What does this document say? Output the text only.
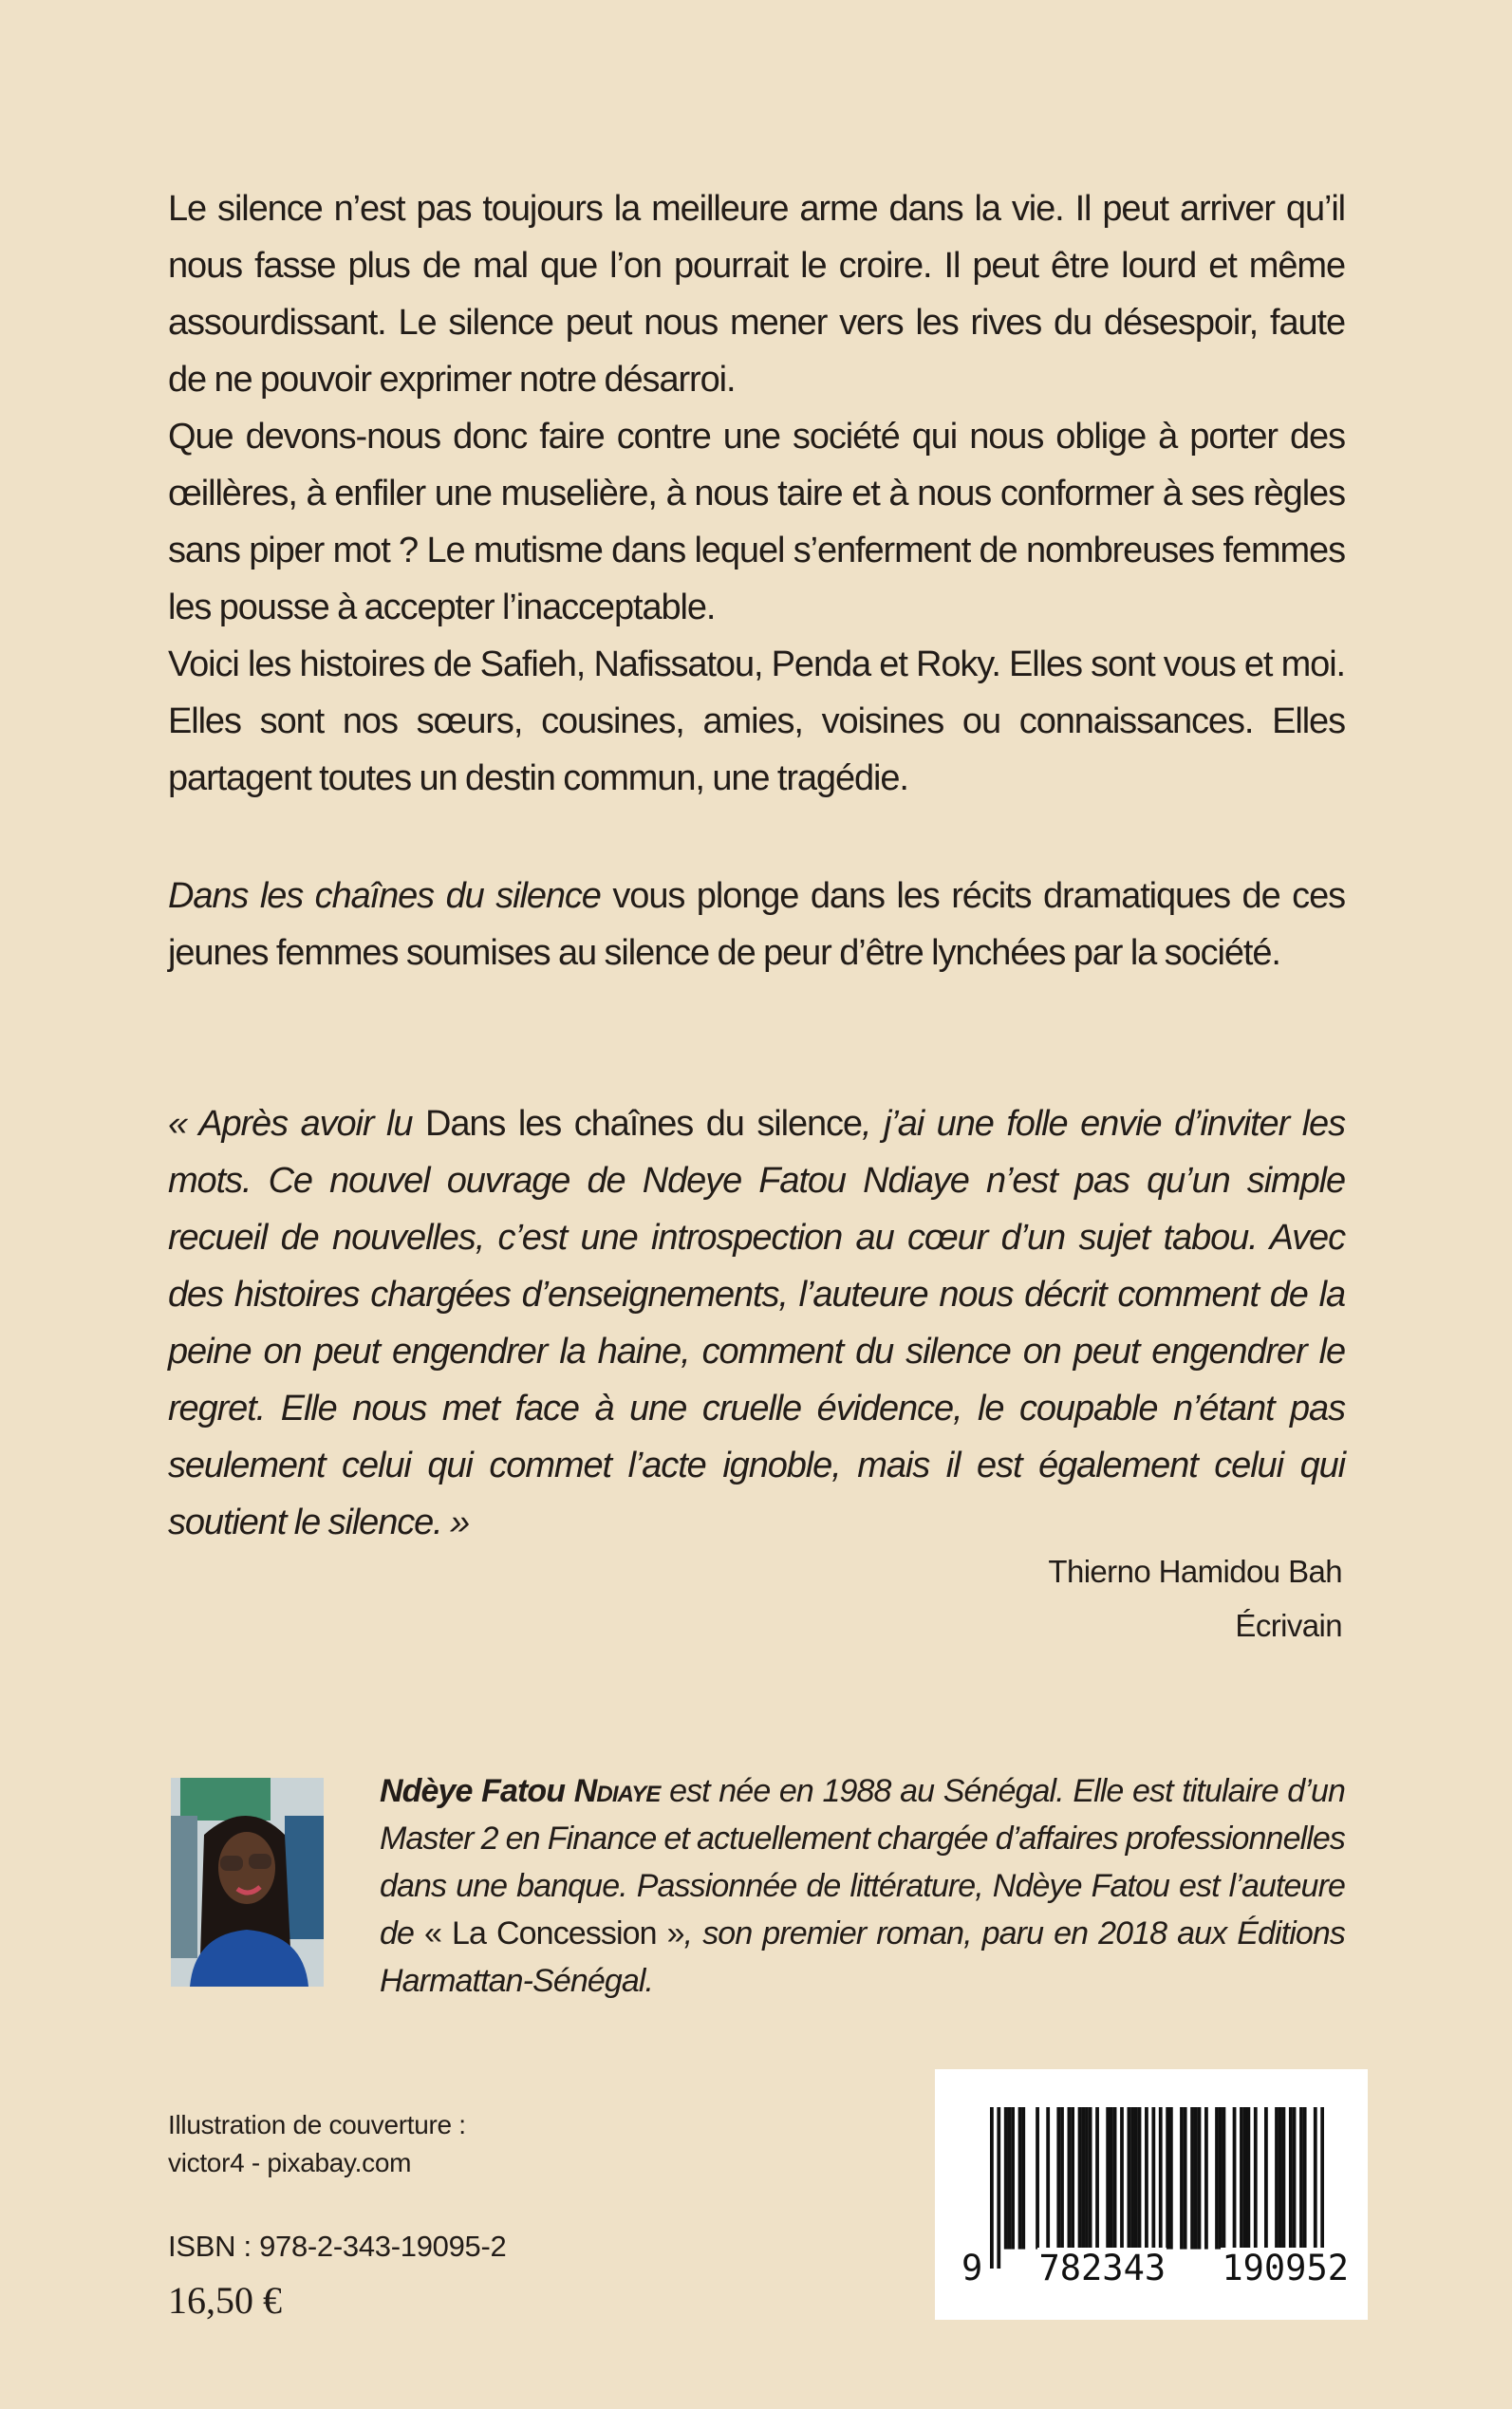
Le silence n’est pas toujours la meilleure arme dans la vie. Il peut arriver qu’il nous fasse plus de mal que l’on pourrait le croire. Il peut être lourd et même assourdissant. Le silence peut nous mener vers les rives du désespoir, faute de ne pouvoir exprimer notre désarroi.

Que devons-nous donc faire contre une société qui nous oblige à porter des œillères, à enfiler une muselière, à nous taire et à nous conformer à ses règles sans piper mot ? Le mutisme dans lequel s’enferment de nombreuses femmes les pousse à accepter l’inacceptable.

Voici les histoires de Safieh, Nafissatou, Penda et Roky. Elles sont vous et moi. Elles sont nos sœurs, cousines, amies, voisines ou connaissances. Elles partagent toutes un destin commun, une tragédie.

Dans les chaînes du silence vous plonge dans les récits dramatiques de ces jeunes femmes soumises au silence de peur d’être lynchées par la société.

« Après avoir lu Dans les chaînes du silence, j’ai une folle envie d’inviter les mots. Ce nouvel ouvrage de Ndeye Fatou Ndiaye n’est pas qu’un simple recueil de nouvelles, c’est une introspection au cœur d’un sujet tabou. Avec des histoires chargées d’enseignements, l’auteure nous décrit comment de la peine on peut engendrer la haine, comment du silence on peut engendrer le regret. Elle nous met face à une cruelle évidence, le coupable n’étant pas seulement celui qui commet l’acte ignoble, mais il est également celui qui soutient le silence. »

Thierno Hamidou Bah
Écrivain
Ndèye Fatou Ndiaye est née en 1988 au Sénégal. Elle est titulaire d’un Master 2 en Finance et actuellement chargée d’affaires professionnelles dans une banque. Passionnée de littérature, Ndèye Fatou est l’auteure de « La Concession », son premier roman, paru en 2018 aux Éditions Harmattan-Sénégal.
Illustration de couverture :
victor4 - pixabay.com
ISBN : 978-2-343-19095-2
16,50 €
9 782343 190952
